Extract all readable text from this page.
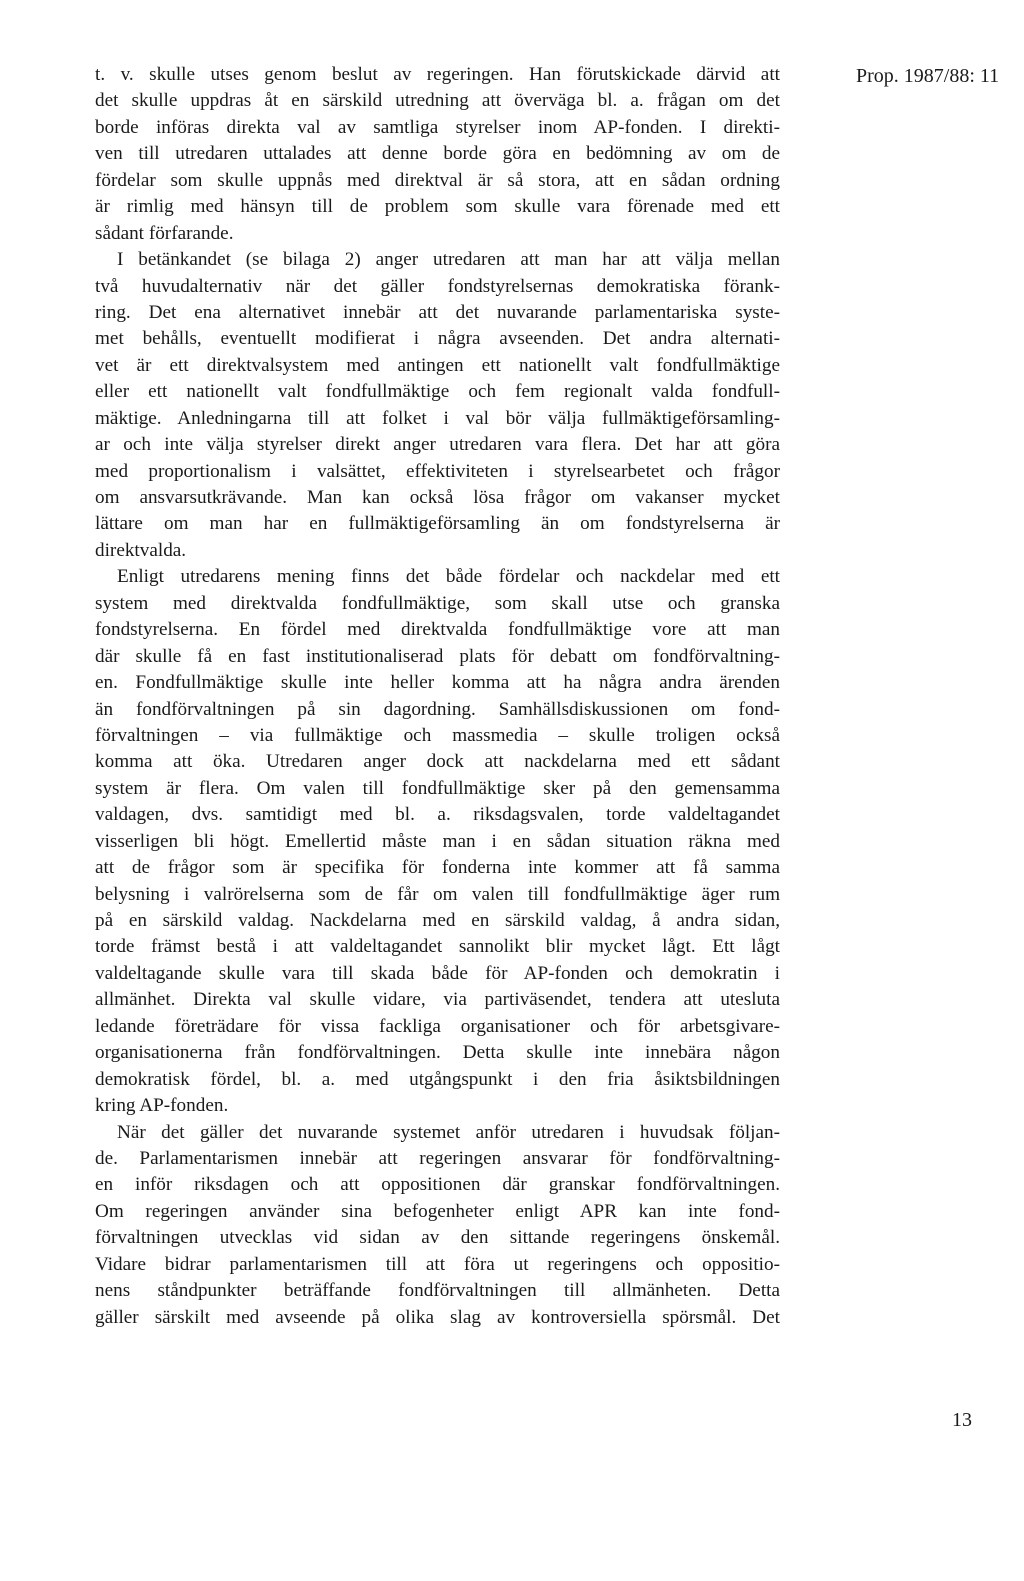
Prop. 1987/88: 11
t. v. skulle utses genom beslut av regeringen. Han förutskickade därvid att
det skulle uppdras åt en särskild utredning att överväga bl. a. frågan om det
borde införas direkta val av samtliga styrelser inom AP-fonden. I direkti-
ven till utredaren uttalades att denne borde göra en bedömning av om de
fördelar som skulle uppnås med direktval är så stora, att en sådan ordning
är rimlig med hänsyn till de problem som skulle vara förenade med ett
sådant förfarande.
I betänkandet (se bilaga 2) anger utredaren att man har att välja mellan
två huvudalternativ när det gäller fondstyrelsernas demokratiska förank-
ring. Det ena alternativet innebär att det nuvarande parlamentariska syste-
met behålls, eventuellt modifierat i några avseenden. Det andra alternati-
vet är ett direktvalsystem med antingen ett nationellt valt fondfullmäktige
eller ett nationellt valt fondfullmäktige och fem regionalt valda fondfull-
mäktige. Anledningarna till att folket i val bör välja fullmäktigeförsamling-
ar och inte välja styrelser direkt anger utredaren vara flera. Det har att göra
med proportionalism i valsättet, effektiviteten i styrelsearbetet och frågor
om ansvarsutkrävande. Man kan också lösa frågor om vakanser mycket
lättare om man har en fullmäktigeförsamling än om fondstyrelserna är
direktvalda.
Enligt utredarens mening finns det både fördelar och nackdelar med ett
system med direktvalda fondfullmäktige, som skall utse och granska
fondstyrelserna. En fördel med direktvalda fondfullmäktige vore att man
där skulle få en fast institutionaliserad plats för debatt om fondförvaltning-
en. Fondfullmäktige skulle inte heller komma att ha några andra ärenden
än fondförvaltningen på sin dagordning. Samhällsdiskussionen om fond-
förvaltningen – via fullmäktige och massmedia – skulle troligen också
komma att öka. Utredaren anger dock att nackdelarna med ett sådant
system är flera. Om valen till fondfullmäktige sker på den gemensamma
valdagen, dvs. samtidigt med bl. a. riksdagsvalen, torde valdeltagandet
visserligen bli högt. Emellertid måste man i en sådan situation räkna med
att de frågor som är specifika för fonderna inte kommer att få samma
belysning i valrörelserna som de får om valen till fondfullmäktige äger rum
på en särskild valdag. Nackdelarna med en särskild valdag, å andra sidan,
torde främst bestå i att valdeltagandet sannolikt blir mycket lågt. Ett lågt
valdeltagande skulle vara till skada både för AP-fonden och demokratin i
allmänhet. Direkta val skulle vidare, via partiväsendet, tendera att utesluta
ledande företrädare för vissa fackliga organisationer och för arbetsgivare-
organisationerna från fondförvaltningen. Detta skulle inte innebära någon
demokratisk fördel, bl. a. med utgångspunkt i den fria åsiktsbildningen
kring AP-fonden.
När det gäller det nuvarande systemet anför utredaren i huvudsak följan-
de. Parlamentarismen innebär att regeringen ansvarar för fondförvaltning-
en inför riksdagen och att oppositionen där granskar fondförvaltningen.
Om regeringen använder sina befogenheter enligt APR kan inte fond-
förvaltningen utvecklas vid sidan av den sittande regeringens önskemål.
Vidare bidrar parlamentarismen till att föra ut regeringens och oppositio-
nens ståndpunkter beträffande fondförvaltningen till allmänheten. Detta
gäller särskilt med avseende på olika slag av kontroversiella spörsmål. Det
13
